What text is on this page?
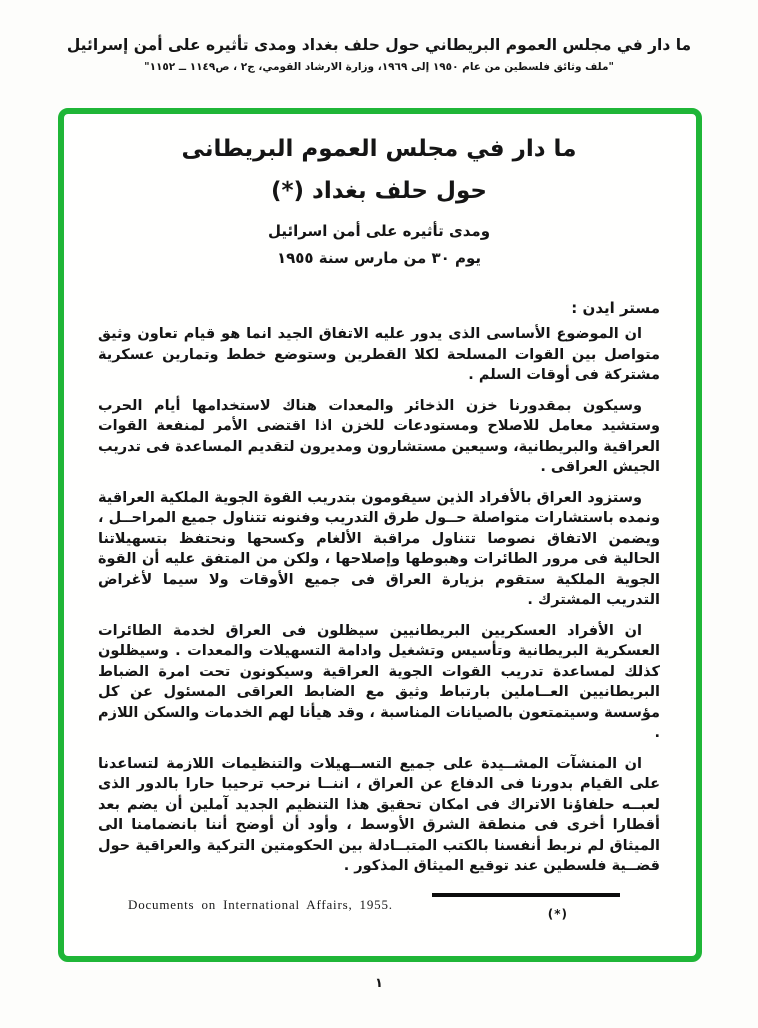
ما دار في مجلس العموم البريطاني حول حلف بغداد ومدى تأثيره على أمن إسرائيل
"ملف وثائق فلسطين من عام ١٩٥٠ إلى ١٩٦٩، وزارة الارشاد القومي، ج٢ ، ص١١٤٩ ــ ١١٥٢"
ما دار في مجلس العموم البريطانى
حول حلف بغداد (*)
ومدى تأثيره على أمن اسرائيل
يوم ٣٠ من مارس سنة ١٩٥٥
مستر ايدن :

ان الموضوع الأساسى الذى يدور عليه الاتفاق الجيد انما هو قيام تعاون وثيق متواصل بين القوات المسلحة لكلا القطرين وستوضع خطط وتمارين عسكرية مشتركة فى أوقات السلم .

وسيكون بمقدورنا خزن الذخائر والمعدات هناك لاستخدامها أيام الحرب وستشيد معامل للاصلاح ومستودعات للخزن اذا اقتضى الأمر لمنفعة القوات العراقية والبريطانية، وسيعين مستشارون ومديرون لتقديم المساعدة فى تدريب الجيش العراقى .

وستزود العراق بالأفراد الذين سيقومون بتدريب القوة الجوية الملكية العراقية ونمده باستشارات متواصلة حــول طرق التدريب وفنونه تتناول جميع المراحــل ، ويضمن الاتفاق نصوصا تتناول مراقبة الألغام وكسحها ونحتفظ بتسهيلاتنا الحالية فى مرور الطائرات وهبوطها وإصلاحها ، ولكن من المتفق عليه أن القوة الجوية الملكية ستقوم بزيارة العراق فى جميع الأوقات ولا سيما لأغراض التدريب المشترك .

ان الأفراد العسكريين البريطانيين سيظلون فى العراق لخدمة الطائرات العسكرية البريطانية وتأسيس وتشغيل وادامة التسهيلات والمعدات . وسيظلون كذلك لمساعدة تدريب القوات الجوية العراقية وسيكونون تحت امرة الضباط البريطانيين العــاملين بارتباط وثيق مع الضابط العراقى المسئول عن كل مؤسسة وسيتمتعون بالصيانات المناسبة ، وقد هيأنا لهم الخدمات والسكن اللازم .

ان المنشآت المشــيدة على جميع التســهيلات والتنظيمات اللازمة لتساعدنا على القيام بدورنا فى الدفاع عن العراق ، اننــا نرحب ترحيبا حارا بالدور الذى لعبــه حلفاؤنا الاتراك فى امكان تحقيق هذا التنظيم الجديد آملين أن يضم بعد أقطارا أخرى فى منطقة الشرق الأوسط ، وأود أن أوضح أننا بانضمامنا الى الميثاق لم نربط أنفسنا بالكتب المتبــادلة بين الحكومتين التركية والعراقية حول قضــية فلسطين عند توقيع الميثاق المذكور .

Documents on International Affairs, 1955.
(*)
١
